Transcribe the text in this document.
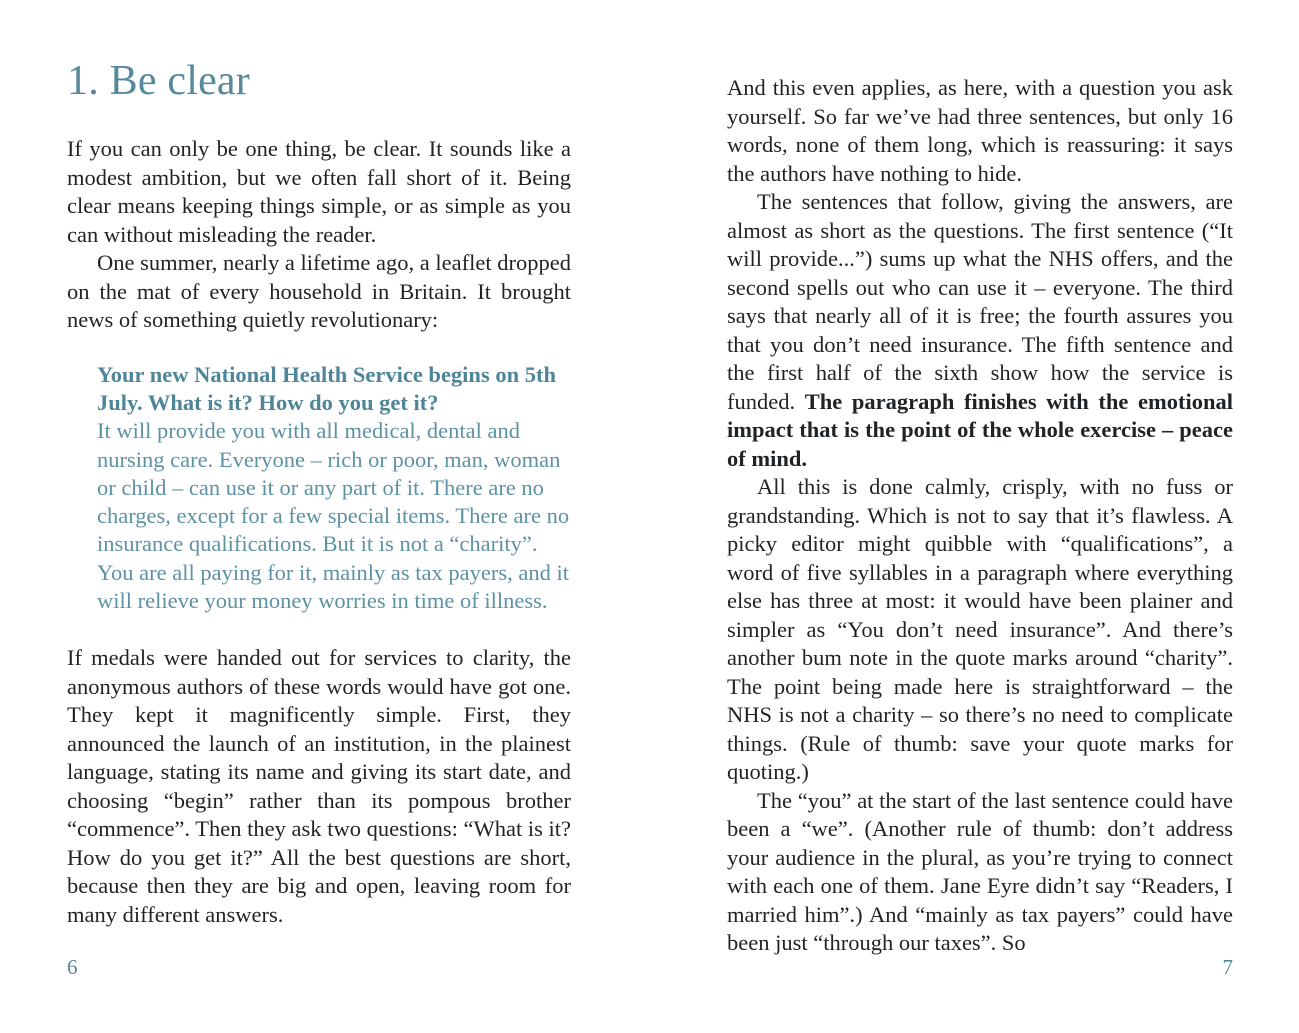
1. Be clear

If you can only be one thing, be clear. It sounds like a modest ambition, but we often fall short of it. Being clear means keeping things simple, or as simple as you can without misleading the reader.

One summer, nearly a lifetime ago, a leaflet dropped on the mat of every household in Britain. It brought news of something quietly revolutionary:

Your new National Health Service begins on 5th July. What is it? How do you get it?

It will provide you with all medical, dental and nursing care. Everyone – rich or poor, man, woman or child – can use it or any part of it. There are no charges, except for a few special items. There are no insurance qualifications. But it is not a “charity”. You are all paying for it, mainly as tax payers, and it will relieve your money worries in time of illness.

If medals were handed out for services to clarity, the anonymous authors of these words would have got one. They kept it magnificently simple. First, they announced the launch of an institution, in the plainest language, stating its name and giving its start date, and choosing “begin” rather than its pompous brother “commence”. Then they ask two questions: “What is it? How do you get it?” All the best questions are short, because then they are big and open, leaving room for many different answers.

And this even applies, as here, with a question you ask yourself. So far we’ve had three sentences, but only 16 words, none of them long, which is reassuring: it says the authors have nothing to hide.

The sentences that follow, giving the answers, are almost as short as the questions. The first sentence (“It will provide...”) sums up what the NHS offers, and the second spells out who can use it – everyone. The third says that nearly all of it is free; the fourth assures you that you don’t need insurance. The fifth sentence and the first half of the sixth show how the service is funded. The paragraph finishes with the emotional impact that is the point of the whole exercise – peace of mind.

All this is done calmly, crisply, with no fuss or grandstanding. Which is not to say that it’s flawless. A picky editor might quibble with “qualifications”, a word of five syllables in a paragraph where everything else has three at most: it would have been plainer and simpler as “You don’t need insurance”. And there’s another bum note in the quote marks around “charity”. The point being made here is straightforward – the NHS is not a charity – so there’s no need to complicate things. (Rule of thumb: save your quote marks for quoting.)

The “you” at the start of the last sentence could have been a “we”. (Another rule of thumb: don’t address your audience in the plural, as you’re trying to connect with each one of them. Jane Eyre didn’t say “Readers, I married him”.) And “mainly as tax payers” could have been just “through our taxes”. So

6	7
